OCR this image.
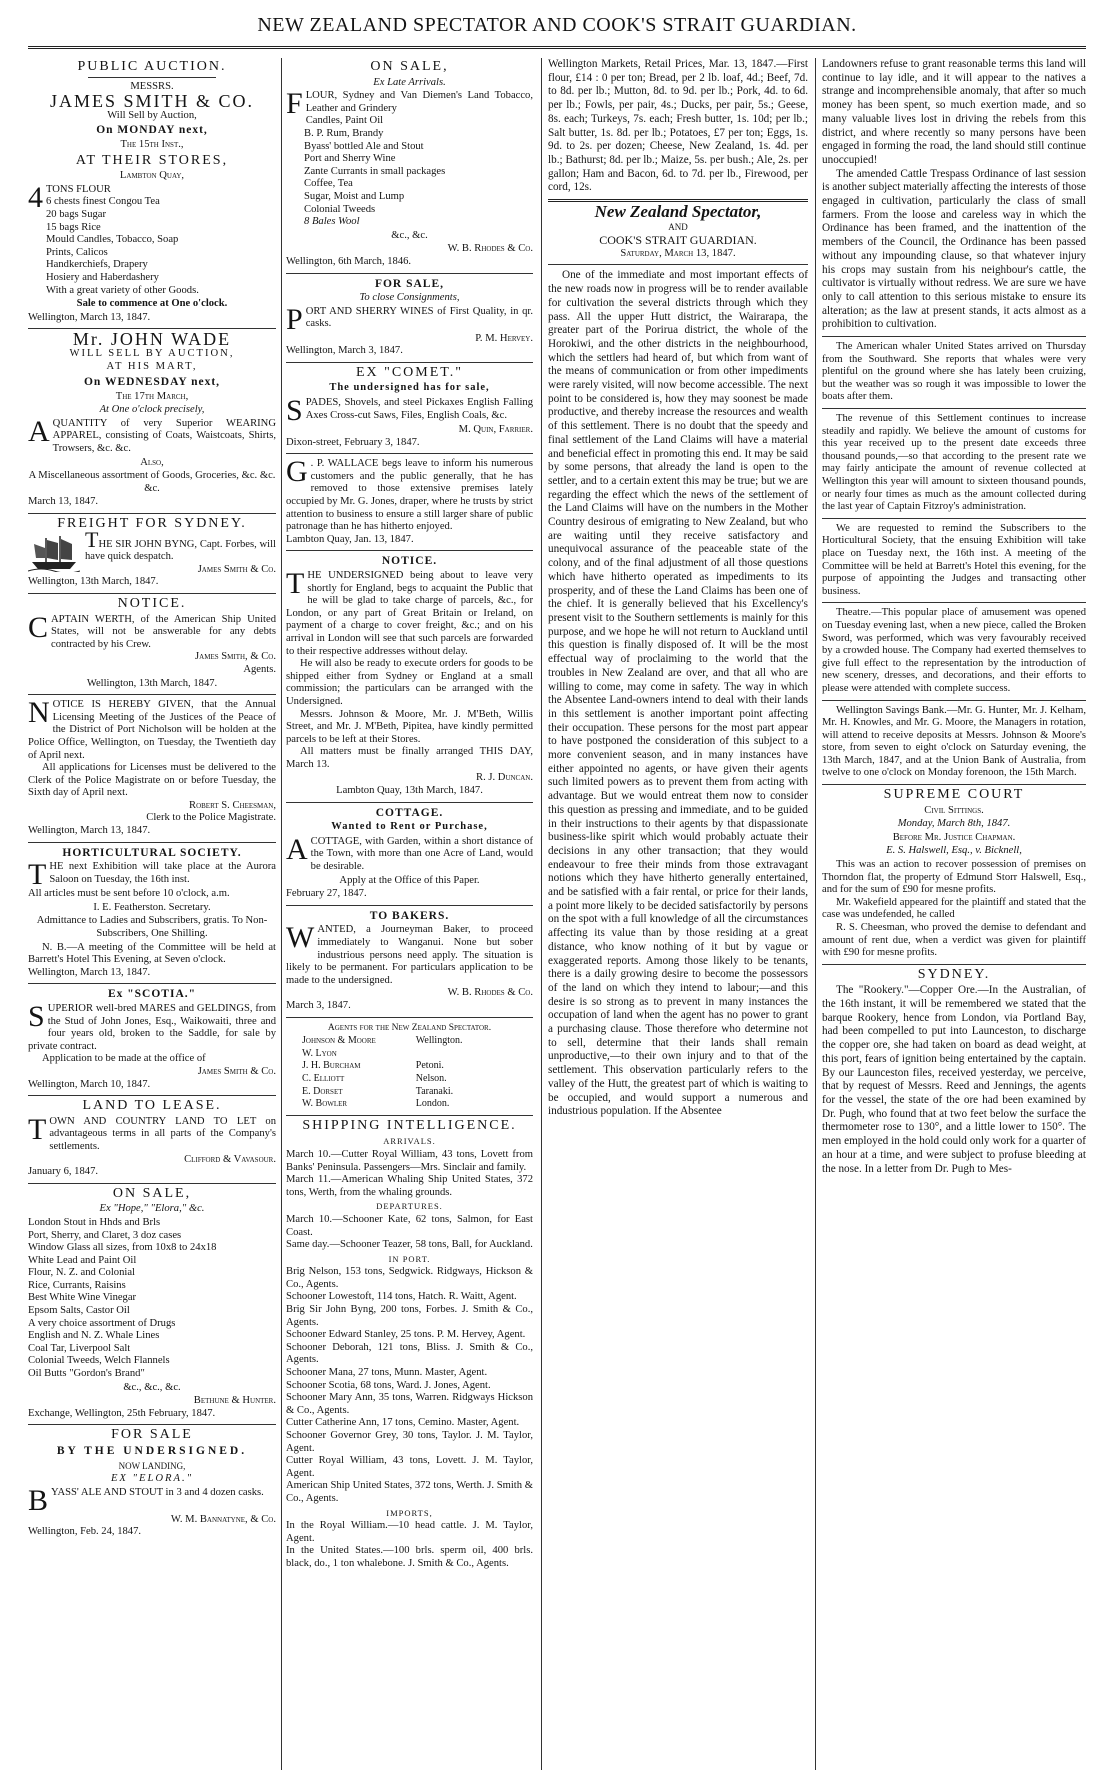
NEW ZEALAND SPECTATOR AND COOK'S STRAIT GUARDIAN.
PUBLIC AUCTION.
MESSRS.
JAMES SMITH & CO.
Will Sell by Auction,
On MONDAY next,
The 15th Inst.,
AT THEIR STORES,
Lambton Quay,
4 TONS FLOUR
6 chests finest Congou Tea
20 bags Sugar
15 bags Rice
Mould Candles, Tobacco, Soap
Prints, Calicos
Handkerchiefs, Drapery
Hosiery and Haberdashery
With a great variety of other Goods.
Sale to commence at One o'clock.
Wellington, March 13, 1847.
Mr. JOHN WADE
WILL SELL BY AUCTION,
AT HIS MART,
On WEDNESDAY next,
The 17th March,
At One o'clock precisely,
AQUANTITY of very Superior WEARING APPAREL, consisting of Coats, Waistcoats, Shirts, Trowsers, &c. &c.
Also,
A Miscellaneous assortment of Goods, Groceries, &c. &c. &c.
March 13, 1847.
FREIGHT FOR SYDNEY.
THE SIR JOHN BYNG, Capt. Forbes, will have quick despatch.
James Smith & Co.
Wellington, 13th March, 1847.
NOTICE.
CAPTAIN WERTH, of the American Ship United States, will not be answerable for any debts contracted by his Crew.
James Smith, & Co.
Agents.
Wellington, 13th March, 1847.
NOTICE IS HEREBY GIVEN, that the Annual Licensing Meeting of the Justices of the Peace of the District of Port Nicholson will be holden at the Police Office, Wellington, on Tuesday, the Twentieth day of April next.
All applications for Licenses must be delivered to the Clerk of the Police Magistrate on or before Tuesday, the Sixth day of April next.
Robert S. Cheesman,
Clerk to the Police Magistrate.
Wellington, March 13, 1847.
HORTICULTURAL SOCIETY.
THE next Exhibition will take place at the Aurora Saloon on Tuesday, the 16th inst.
All articles must be sent before 10 o'clock, a.m.
I. E. Featherston. Secretary.
Admittance to Ladies and Subscribers, gratis. To Non-Subscribers, One Shilling.
N. B.—A meeting of the Committee will be held at Barrett's Hotel This Evening, at Seven o'clock.
Wellington, March 13, 1847.
Ex "SCOTIA."
SUPERIOR well-bred MARES and GELDINGS, from the Stud of John Jones, Esq., Waikowaiti, three and four years old, broken to the Saddle, for sale by private contract.
Application to be made at the office of
James Smith & Co.
Wellington, March 10, 1847.
LAND TO LEASE.
TOWN AND COUNTRY LAND TO LET on advantageous terms in all parts of the Company's settlements.
Clifford & Vavasour.
January 6, 1847.
ON SALE,
Ex "Hope," "Elora," &c.
London Stout in Hhds and Brls
Port, Sherry, and Claret, 3 doz cases
Window Glass all sizes, from 10x8 to 24x18
White Lead and Paint Oil
Flour, N. Z. and Colonial
Rice, Currants, Raisins
Best White Wine Vinegar
Epsom Salts, Castor Oil
A very choice assortment of Drugs
English and N. Z. Whale Lines
Coal Tar, Liverpool Salt
Colonial Tweeds, Welch Flannels
Oil Butts "Gordon's Brand"
&c., &c., &c.
Bethune & Hunter.
Exchange, Wellington, 25th February, 1847.
FOR SALE
BY THE UNDERSIGNED.
NOW LANDING,
EX "ELORA."
BYASS' ALE AND STOUT in 3 and 4 dozen casks.
W. M. Bannatyne, & Co.
Wellington, Feb. 24, 1847.
ON SALE,
Ex Late Arrivals.
FLOUR, Sydney and Van Diemen's Land Tobacco, Leather and Grindery
Candles, Paint Oil
B. P. Rum, Brandy
Byass' bottled Ale and Stout
Port and Sherry Wine
Zante Currants in small packages
Coffee, Tea
Sugar, Moist and Lump
Colonial Tweeds
8 Bales Wool
&c., &c.
W. B. Rhodes & Co.
Wellington, 6th March, 1846.
FOR SALE,
To close Consignments,
PORT AND SHERRY WINES of First Quality, in qr. casks.
P. M. Hervey.
Wellington, March 3, 1847.
EX "COMET."
The undersigned has for sale,
SPADES, Shovels, and steel Pickaxes English Falling Axes Cross-cut Saws, Files, English Coals, &c.
M. Quin, Farrier.
Dixon-street, February 3, 1847.
G . P. WALLACE begs leave to inform his numerous customers and the public generally, that he has removed to those extensive premises lately occupied by Mr. G. Jones, draper, where he trusts by strict attention to business to ensure a still larger share of public patronage than he has hitherto enjoyed.
Lambton Quay, Jan. 13, 1847.
NOTICE.
THE UNDERSIGNED being about to leave very shortly for England, begs to acquaint the Public that he will be glad to take charge of parcels, &c., for London, or any part of Great Britain or Ireland, on payment of a charge to cover freight, &c.; and on his arrival in London will see that such parcels are forwarded to their respective addresses without delay.
He will also be ready to execute orders for goods to be shipped either from Sydney or England at a small commission; the particulars can be arranged with the Undersigned.
Messrs. Johnson & Moore, Mr. J. M'Beth, Willis Street, and Mr. J. M'Beth, Pipitea, have kindly permitted parcels to be left at their Stores.
All matters must be finally arranged THIS DAY, March 13.
R. J. Duncan.
Lambton Quay, 13th March, 1847.
COTTAGE.
Wanted to Rent or Purchase,
ACOTTAGE, with Garden, within a short distance of the Town, with more than one Acre of Land, would be desirable.
Apply at the Office of this Paper.
February 27, 1847.
TO BAKERS.
WANTED, a Journeyman Baker, to proceed immediately to Wanganui. None but sober industrious persons need apply. The situation is likely to be permanent. For particulars application to be made to the undersigned.
W. B. Rhodes & Co.
March 3, 1847.
Agents for the New Zealand Spectator.
Johnson & Moore	Wellington.
W. Lyon	
J. H. Burcham	Petoni.
C. Elliott	Nelson.
E. Dorset	Taranaki.
W. Bowler	London.
SHIPPING INTELLIGENCE.
ARRIVALS.
March 10.—Cutter Royal William, 43 tons, Lovett from Banks' Peninsula. Passengers—Mrs. Sinclair and family.
March 11.—American Whaling Ship United States, 372 tons, Werth, from the whaling grounds.
DEPARTURES.
March 10.—Schooner Kate, 62 tons, Salmon, for East Coast.
Same day.—Schooner Teazer, 58 tons, Ball, for Auckland.
IN PORT.
Brig Nelson, 153 tons, Sedgwick. Ridgways, Hickson & Co., Agents.
Schooner Lowestoft, 114 tons, Hatch. R. Waitt, Agent.
Brig Sir John Byng, 200 tons, Forbes. J. Smith & Co., Agents.
Schooner Edward Stanley, 25 tons. P. M. Hervey, Agent.
Schooner Deborah, 121 tons, Bliss. J. Smith & Co., Agents.
Schooner Mana, 27 tons, Munn. Master, Agent.
Schooner Scotia, 68 tons, Ward. J. Jones, Agent.
Schooner Mary Ann, 35 tons, Warren. Ridgways Hickson & Co., Agents.
Cutter Catherine Ann, 17 tons, Cemino. Master, Agent.
Schooner Governor Grey, 30 tons, Taylor. J. M. Taylor, Agent.
Cutter Royal William, 43 tons, Lovett. J. M. Taylor, Agent.
American Ship United States, 372 tons, Werth. J. Smith & Co., Agents.
IMPORTS,
In the Royal William.—10 head cattle. J. M. Taylor, Agent.
In the United States.—100 brls. sperm oil, 400 brls. black, do., 1 ton whalebone. J. Smith & Co., Agents.
Wellington Markets, Retail Prices, Mar. 13, 1847.—First flour, £14 : 0 per ton; Bread, per 2 lb. loaf, 4d.; Beef, 7d. to 8d. per lb.; Mutton, 8d. to 9d. per lb.; Pork, 4d. to 6d. per lb.; Fowls, per pair, 4s.; Ducks, per pair, 5s.; Geese, 8s. each; Turkeys, 7s. each; Fresh butter, 1s. 10d; per lb.; Salt butter, 1s. 8d. per lb.; Potatoes, £7 per ton; Eggs, 1s. 9d. to 2s. per dozen; Cheese, New Zealand, 1s. 4d. per lb.; Bathurst; 8d. per lb.; Maize, 5s. per bush.; Ale, 2s. per gallon; Ham and Bacon, 6d. to 7d. per lb., Firewood, per cord, 12s.
New Zealand Spectator,
AND
COOK'S STRAIT GUARDIAN.
Saturday, March 13, 1847.
One of the immediate and most important effects of the new roads now in progress will be to render available for cultivation the several districts through which they pass. All the upper Hutt district, the Wairarapa, the greater part of the Porirua district, the whole of the Horokiwi, and the other districts in the neighbourhood, which the settlers had heard of, but which from want of the means of communication or from other impediments were rarely visited, will now become accessible. The next point to be considered is, how they may soonest be made productive, and thereby increase the resources and wealth of this settlement. There is no doubt that the speedy and final settlement of the Land Claims will have a material and beneficial effect in promoting this end. It may be said by some persons, that already the land is open to the settler, and to a certain extent this may be true; but we are regarding the effect which the news of the settlement of the Land Claims will have on the numbers in the Mother Country desirous of emigrating to New Zealand, but who are waiting until they receive satisfactory and unequivocal assurance of the peaceable state of the colony, and of the final adjustment of all those questions which have hitherto operated as impediments to its prosperity, and of these the Land Claims has been one of the chief. It is generally believed that his Excellency's present visit to the Southern settlements is mainly for this purpose, and we hope he will not return to Auckland until this question is finally disposed of. It will be the most effectual way of proclaiming to the world that the troubles in New Zealand are over, and that all who are willing to come, may come in safety. The way in which the Absentee Land-owners intend to deal with their lands in this settlement is another important point affecting their occupation. These persons for the most part appear to have postponed the consideration of this subject to a more convenient season, and in many instances have either appointed no agents, or have given their agents such limited powers as to prevent them from acting with advantage. But we would entreat them now to consider this question as pressing and immediate, and to be guided in their instructions to their agents by that dispassionate business-like spirit which would probably actuate their decisions in any other transaction; that they would endeavour to free their minds from those extravagant notions which they have hitherto generally entertained, and be satisfied with a fair rental, or price for their lands, a point more likely to be decided satisfactorily by persons on the spot with a full knowledge of all the circumstances affecting its value than by those residing at a great distance, who know nothing of it but by vague or exaggerated reports. Among those likely to be tenants, there is a daily growing desire to become the possessors of the land on which they intend to labour;—and this desire is so strong as to prevent in many instances the occupation of land when the agent has no power to grant a purchasing clause. Those therefore who determine not to sell, determine that their lands shall remain unproductive,—to their own injury and to that of the settlement. This observation particularly refers to the valley of the Hutt, the greatest part of which is waiting to be occupied, and would support a numerous and industrious population. If the Absentee
Landowners refuse to grant reasonable terms this land will continue to lay idle, and it will appear to the natives a strange and incomprehensible anomaly, that after so much money has been spent, so much exertion made, and so many valuable lives lost in driving the rebels from this district, and where recently so many persons have been engaged in forming the road, the land should still continue unoccupied!
The amended Cattle Trespass Ordinance of last session is another subject materially affecting the interests of those engaged in cultivation, particularly the class of small farmers. From the loose and careless way in which the Ordinance has been framed, and the inattention of the members of the Council, the Ordinance has been passed without any impounding clause, so that whatever injury his crops may sustain from his neighbour's cattle, the cultivator is virtually without redress. We are sure we have only to call attention to this serious mistake to ensure its alteration; as the law at present stands, it acts almost as a prohibition to cultivation.
The American whaler United States arrived on Thursday from the Southward. She reports that whales were very plentiful on the ground where she has lately been cruizing, but the weather was so rough it was impossible to lower the boats after them.
The revenue of this Settlement continues to increase steadily and rapidly. We believe the amount of customs for this year received up to the present date exceeds three thousand pounds,—so that according to the present rate we may fairly anticipate the amount of revenue collected at Wellington this year will amount to sixteen thousand pounds, or nearly four times as much as the amount collected during the last year of Captain Fitzroy's administration.
We are requested to remind the Subscribers to the Horticultural Society, that the ensuing Exhibition will take place on Tuesday next, the 16th inst. A meeting of the Committee will be held at Barrett's Hotel this evening, for the purpose of appointing the Judges and transacting other business.
Theatre.—This popular place of amusement was opened on Tuesday evening last, when a new piece, called the Broken Sword, was performed, which was very favourably received by a crowded house. The Company had exerted themselves to give full effect to the representation by the introduction of new scenery, dresses, and decorations, and their efforts to please were attended with complete success.
Wellington Savings Bank.—Mr. G. Hunter, Mr. J. Kelham, Mr. H. Knowles, and Mr. G. Moore, the Managers in rotation, will attend to receive deposits at Messrs. Johnson & Moore's store, from seven to eight o'clock on Saturday evening, the 13th March, 1847, and at the Union Bank of Australia, from twelve to one o'clock on Monday forenoon, the 15th March.
SUPREME COURT
Civil Sittings.
Monday, March 8th, 1847.
Before Mr. Justice Chapman.
E. S. Halswell, Esq., v. Bicknell,
This was an action to recover possession of premises on Thorndon flat, the property of Edmund Storr Halswell, Esq., and for the sum of £90 for mesne profits.
Mr. Wakefield appeared for the plaintiff and stated that the case was undefended, he called
R. S. Cheesman, who proved the demise to defendant and amount of rent due, when a verdict was given for plaintiff with £90 for mesne profits.
SYDNEY.
The "Rookery."—Copper Ore.—In the Australian, of the 16th instant, it will be remembered we stated that the barque Rookery, hence from London, via Portland Bay, had been compelled to put into Launceston, to discharge the copper ore, she had taken on board as dead weight, at this port, fears of ignition being entertained by the captain. By our Launceston files, received yesterday, we perceive, that by request of Messrs. Reed and Jennings, the agents for the vessel, the state of the ore had been examined by Dr. Pugh, who found that at two feet below the surface the thermometer rose to 130°, and a little lower to 150°. The men employed in the hold could only work for a quarter of an hour at a time, and were subject to profuse bleeding at the nose. In a letter from Dr. Pugh to Mes-
